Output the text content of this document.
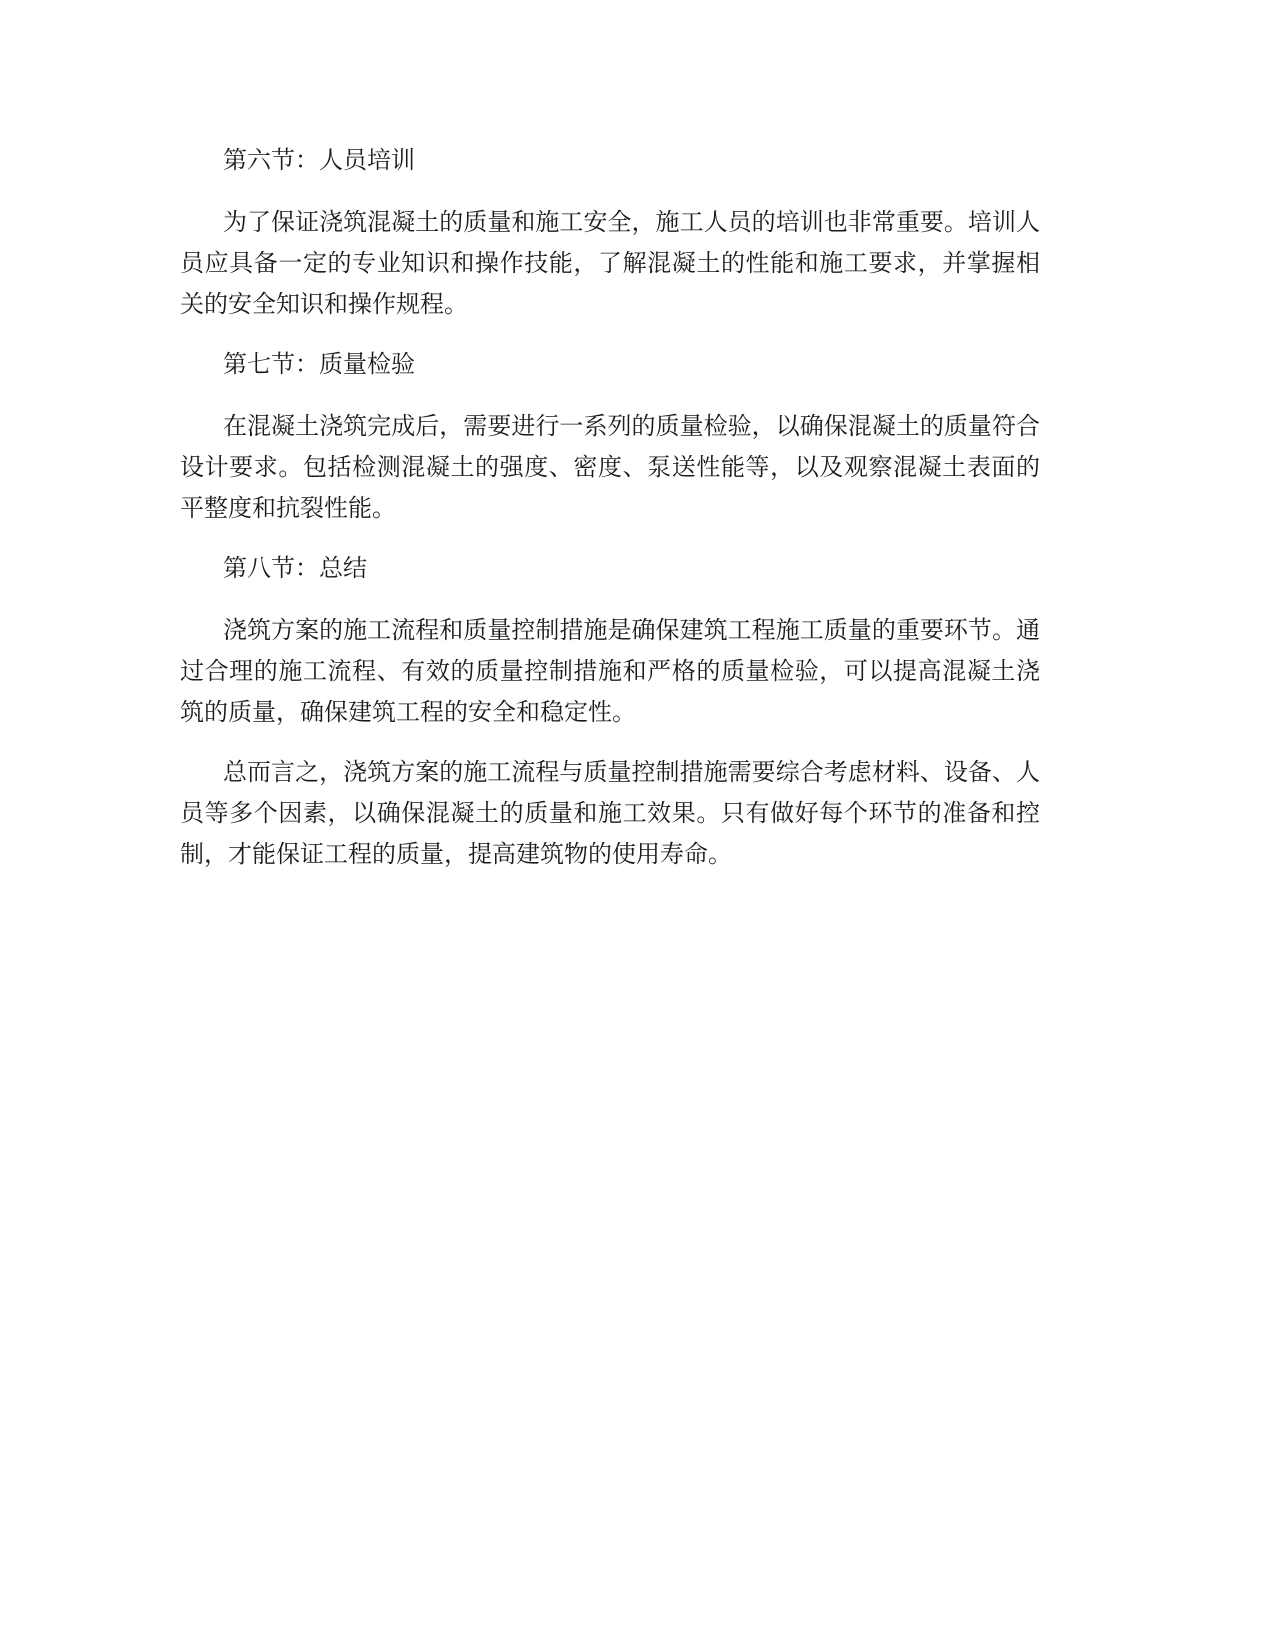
第六节：人员培训

为了保证浇筑混凝土的质量和施工安全，施工人员的培训也非常重要。培训人员应具备一定的专业知识和操作技能，了解混凝土的性能和施工要求，并掌握相关的安全知识和操作规程。

第七节：质量检验

在混凝土浇筑完成后，需要进行一系列的质量检验，以确保混凝土的质量符合设计要求。包括检测混凝土的强度、密度、泵送性能等，以及观察混凝土表面的平整度和抗裂性能。

第八节：总结

浇筑方案的施工流程和质量控制措施是确保建筑工程施工质量的重要环节。通过合理的施工流程、有效的质量控制措施和严格的质量检验，可以提高混凝土浇筑的质量，确保建筑工程的安全和稳定性。

总而言之，浇筑方案的施工流程与质量控制措施需要综合考虑材料、设备、人员等多个因素，以确保混凝土的质量和施工效果。只有做好每个环节的准备和控制，才能保证工程的质量，提高建筑物的使用寿命。
